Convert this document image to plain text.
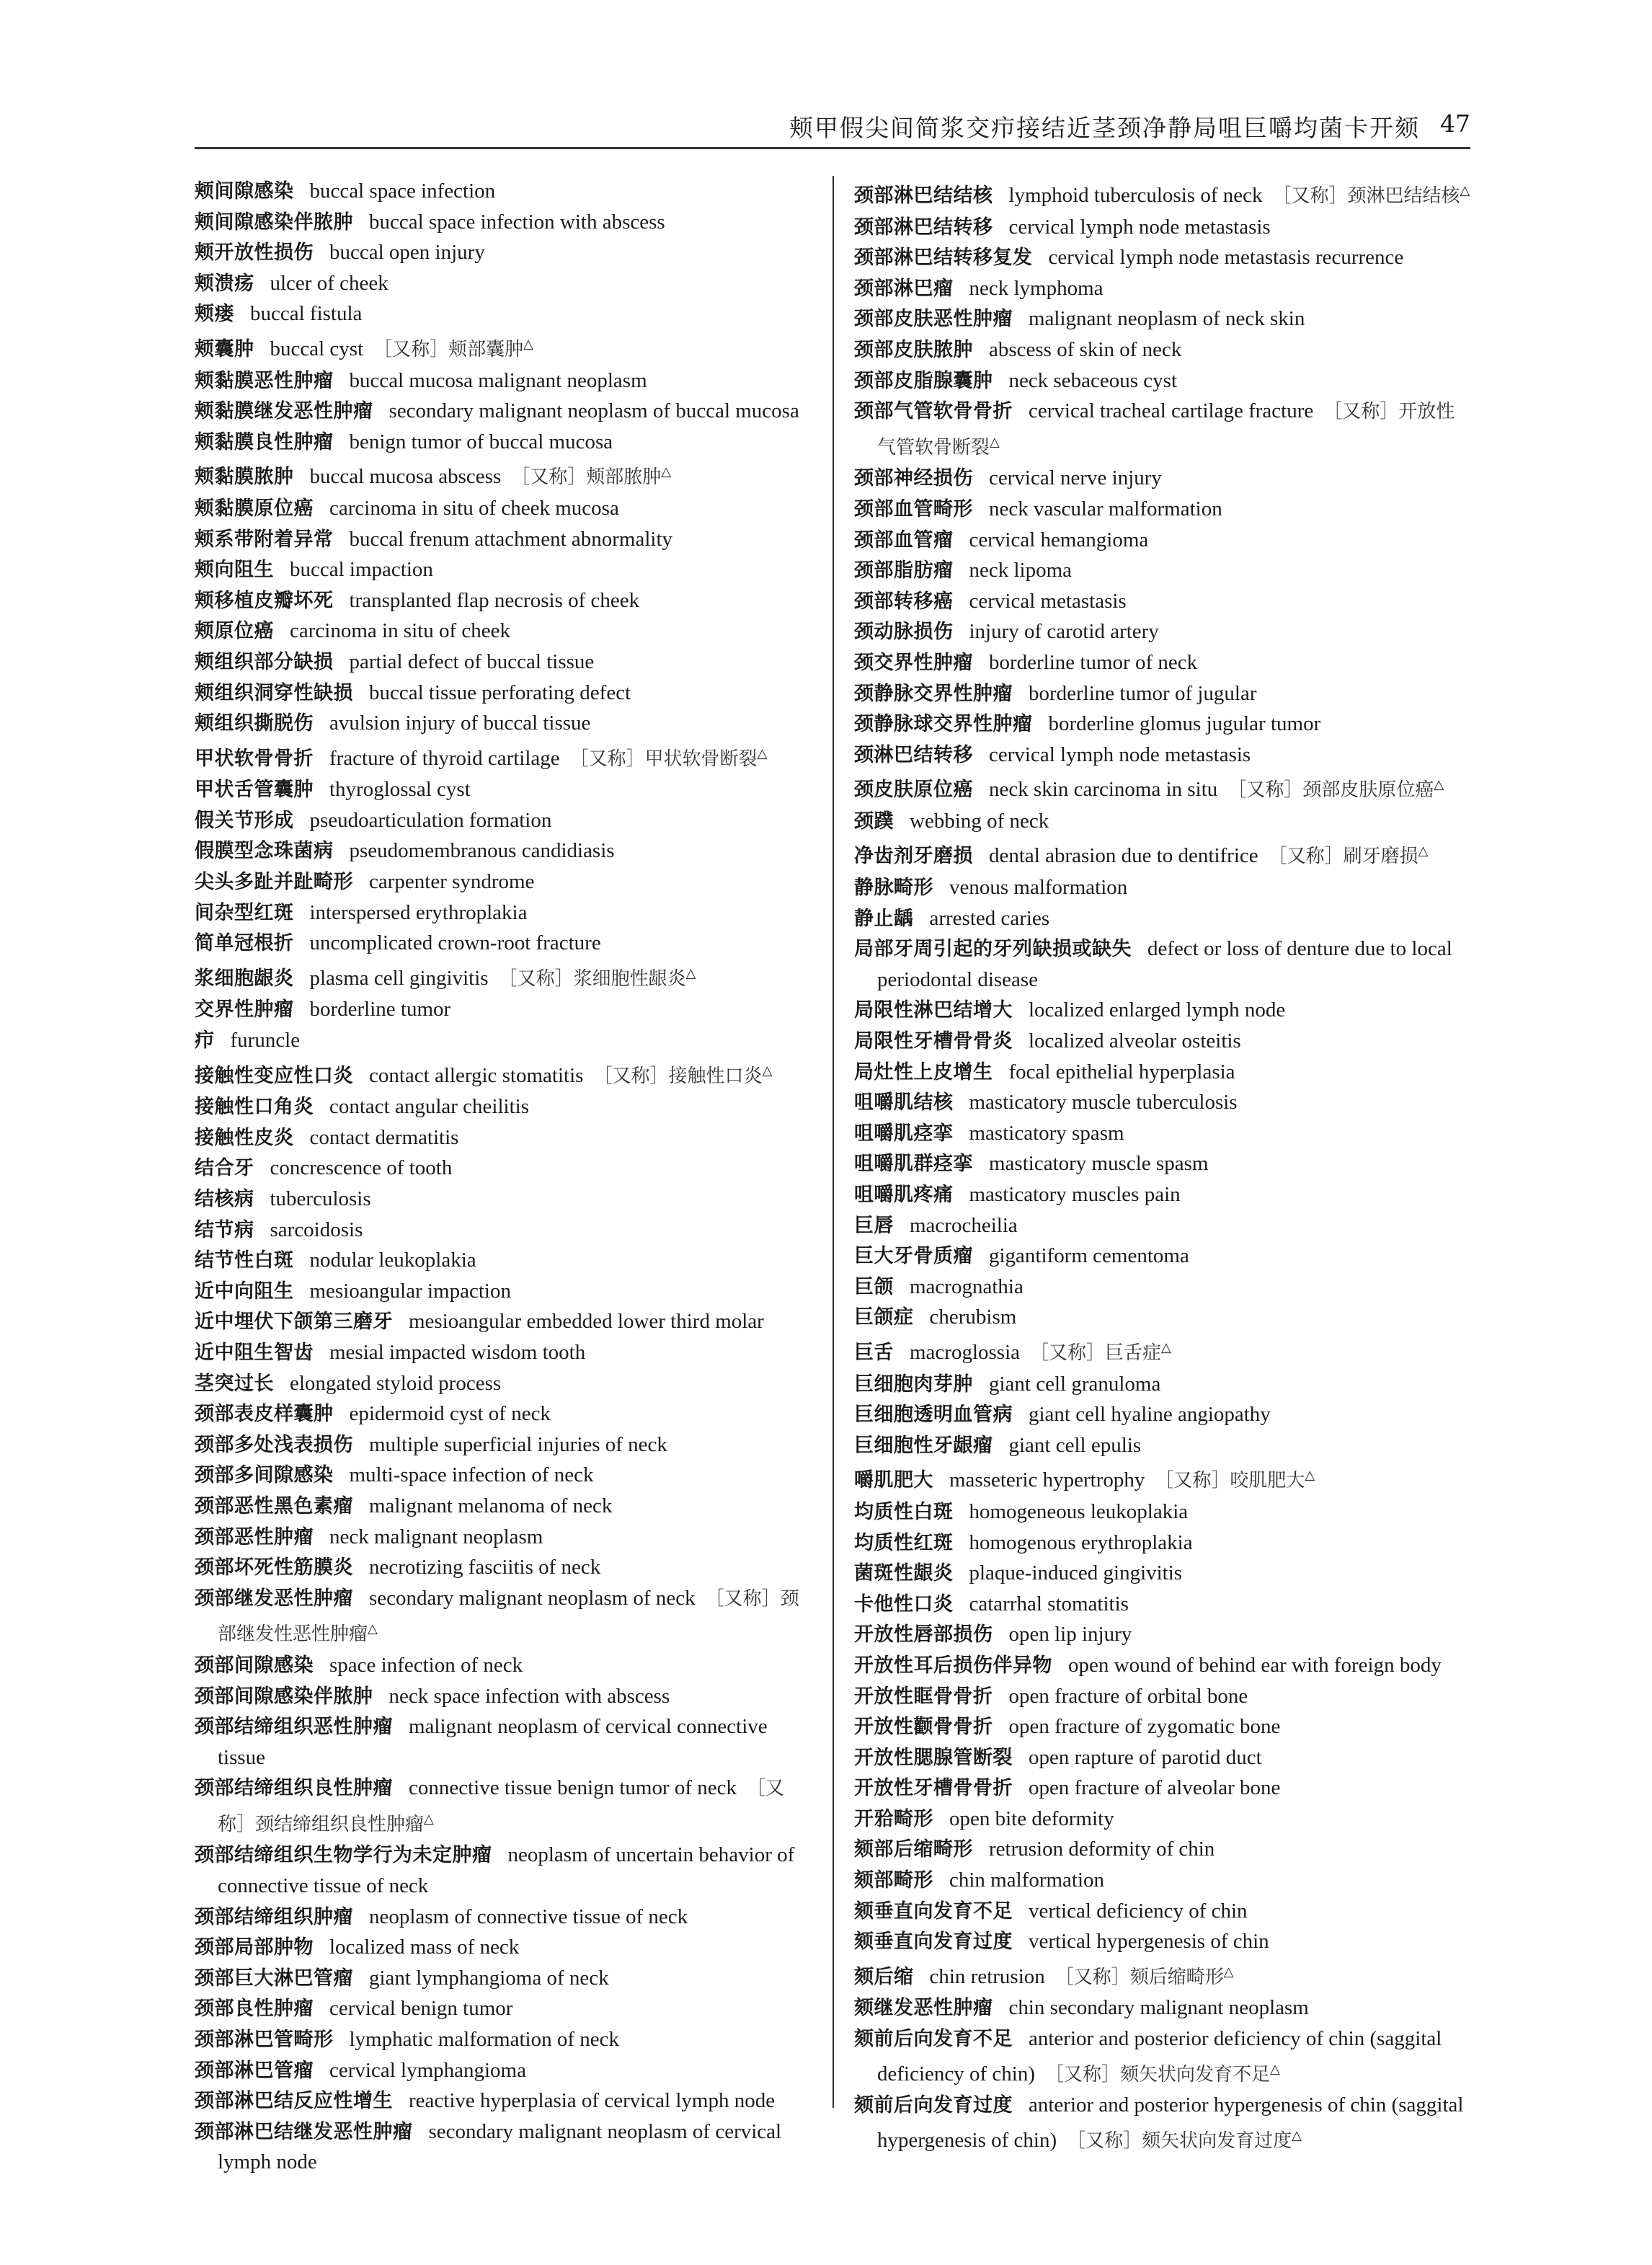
颊甲假尖间简浆交疖接结近茎颈净静局咀巨嚼均菌卡开颏 47
颊间隙感染 buccal space infection
颊间隙感染伴脓肿 buccal space infection with abscess
颊开放性损伤 buccal open injury
颊溃疡 ulcer of cheek
颊瘘 buccal fistula
颊囊肿 buccal cyst ［又称］颊部囊肿△
颊黏膜恶性肿瘤 buccal mucosa malignant neoplasm
颊黏膜继发恶性肿瘤 secondary malignant neoplasm of buccal mucosa
颊黏膜良性肿瘤 benign tumor of buccal mucosa
颊黏膜脓肿 buccal mucosa abscess ［又称］颊部脓肿△
颊黏膜原位癌 carcinoma in situ of cheek mucosa
颊系带附着异常 buccal frenum attachment abnormality
颊向阻生 buccal impaction
颊移植皮瓣坏死 transplanted flap necrosis of cheek
颊原位癌 carcinoma in situ of cheek
颊组织部分缺损 partial defect of buccal tissue
颊组织洞穿性缺损 buccal tissue perforating defect
颊组织撕脱伤 avulsion injury of buccal tissue
甲状软骨骨折 fracture of thyroid cartilage ［又称］甲状软骨断裂△
甲状舌管囊肿 thyroglossal cyst
假关节形成 pseudoarticulation formation
假膜型念珠菌病 pseudomembranous candidiasis
尖头多趾并趾畸形 carpenter syndrome
间杂型红斑 interspersed erythroplakia
简单冠根折 uncomplicated crown-root fracture
浆细胞龈炎 plasma cell gingivitis ［又称］浆细胞性龈炎△
交界性肿瘤 borderline tumor
疖 furuncle
接触性变应性口炎 contact allergic stomatitis ［又称］接触性口炎△
接触性口角炎 contact angular cheilitis
接触性皮炎 contact dermatitis
结合牙 concrescence of tooth
结核病 tuberculosis
结节病 sarcoidosis
结节性白斑 nodular leukoplakia
近中向阻生 mesioangular impaction
近中埋伏下颌第三磨牙 mesioangular embedded lower third molar
近中阻生智齿 mesial impacted wisdom tooth
茎突过长 elongated styloid process
颈部表皮样囊肿 epidermoid cyst of neck
颈部多处浅表损伤 multiple superficial injuries of neck
颈部多间隙感染 multi-space infection of neck
颈部恶性黑色素瘤 malignant melanoma of neck
颈部恶性肿瘤 neck malignant neoplasm
颈部坏死性筋膜炎 necrotizing fasciitis of neck
颈部继发恶性肿瘤 secondary malignant neoplasm of neck ［又称］颈部继发性恶性肿瘤△
颈部间隙感染 space infection of neck
颈部间隙感染伴脓肿 neck space infection with abscess
颈部结缔组织恶性肿瘤 malignant neoplasm of cervical connective tissue
颈部结缔组织良性肿瘤 connective tissue benign tumor of neck ［又称］颈结缔组织良性肿瘤△
颈部结缔组织生物学行为未定肿瘤 neoplasm of uncertain behavior of connective tissue of neck
颈部结缔组织肿瘤 neoplasm of connective tissue of neck
颈部局部肿物 localized mass of neck
颈部巨大淋巴管瘤 giant lymphangioma of neck
颈部良性肿瘤 cervical benign tumor
颈部淋巴管畸形 lymphatic malformation of neck
颈部淋巴管瘤 cervical lymphangioma
颈部淋巴结反应性增生 reactive hyperplasia of cervical lymph node
颈部淋巴结继发恶性肿瘤 secondary malignant neoplasm of cervical lymph node
颈部淋巴结结核 lymphoid tuberculosis of neck ［又称］颈淋巴结结核△
颈部淋巴结转移 cervical lymph node metastasis
颈部淋巴结转移复发 cervical lymph node metastasis recurrence
颈部淋巴瘤 neck lymphoma
颈部皮肤恶性肿瘤 malignant neoplasm of neck skin
颈部皮肤脓肿 abscess of skin of neck
颈部皮脂腺囊肿 neck sebaceous cyst
颈部气管软骨骨折 cervical tracheal cartilage fracture ［又称］开放性气管软骨断裂△
颈部神经损伤 cervical nerve injury
颈部血管畸形 neck vascular malformation
颈部血管瘤 cervical hemangioma
颈部脂肪瘤 neck lipoma
颈部转移癌 cervical metastasis
颈动脉损伤 injury of carotid artery
颈交界性肿瘤 borderline tumor of neck
颈静脉交界性肿瘤 borderline tumor of jugular
颈静脉球交界性肿瘤 borderline glomus jugular tumor
颈淋巴结转移 cervical lymph node metastasis
颈皮肤原位癌 neck skin carcinoma in situ ［又称］颈部皮肤原位癌△
颈蹼 webbing of neck
净齿剂牙磨损 dental abrasion due to dentifrice ［又称］刷牙磨损△
静脉畸形 venous malformation
静止龋 arrested caries
局部牙周引起的牙列缺损或缺失 defect or loss of denture due to local periodontal disease
局限性淋巴结增大 localized enlarged lymph node
局限性牙槽骨骨炎 localized alveolar osteitis
局灶性上皮增生 focal epithelial hyperplasia
咀嚼肌结核 masticatory muscle tuberculosis
咀嚼肌痉挛 masticatory spasm
咀嚼肌群痉挛 masticatory muscle spasm
咀嚼肌疼痛 masticatory muscles pain
巨唇 macrocheilia
巨大牙骨质瘤 gigantiform cementoma
巨颌 macrognathia
巨颌症 cherubism
巨舌 macroglossia ［又称］巨舌症△
巨细胞肉芽肿 giant cell granuloma
巨细胞透明血管病 giant cell hyaline angiopathy
巨细胞性牙龈瘤 giant cell epulis
嚼肌肥大 masseteric hypertrophy ［又称］咬肌肥大△
均质性白斑 homogeneous leukoplakia
均质性红斑 homogenous erythroplakia
菌斑性龈炎 plaque-induced gingivitis
卡他性口炎 catarrhal stomatitis
开放性唇部损伤 open lip injury
开放性耳后损伤伴异物 open wound of behind ear with foreign body
开放性眶骨骨折 open fracture of orbital bone
开放性颧骨骨折 open fracture of zygomatic bone
开放性腮腺管断裂 open rapture of parotid duct
开放性牙槽骨骨折 open fracture of alveolar bone
开𬌗畸形 open bite deformity
颏部后缩畸形 retrusion deformity of chin
颏部畸形 chin malformation
颏垂直向发育不足 vertical deficiency of chin
颏垂直向发育过度 vertical hypergenesis of chin
颏后缩 chin retrusion ［又称］颏后缩畸形△
颏继发恶性肿瘤 chin secondary malignant neoplasm
颏前后向发育不足 anterior and posterior deficiency of chin (saggital deficiency of chin) ［又称］颏矢状向发育不足△
颏前后向发育过度 anterior and posterior hypergenesis of chin (saggital hypergenesis of chin) ［又称］颏矢状向发育过度△
